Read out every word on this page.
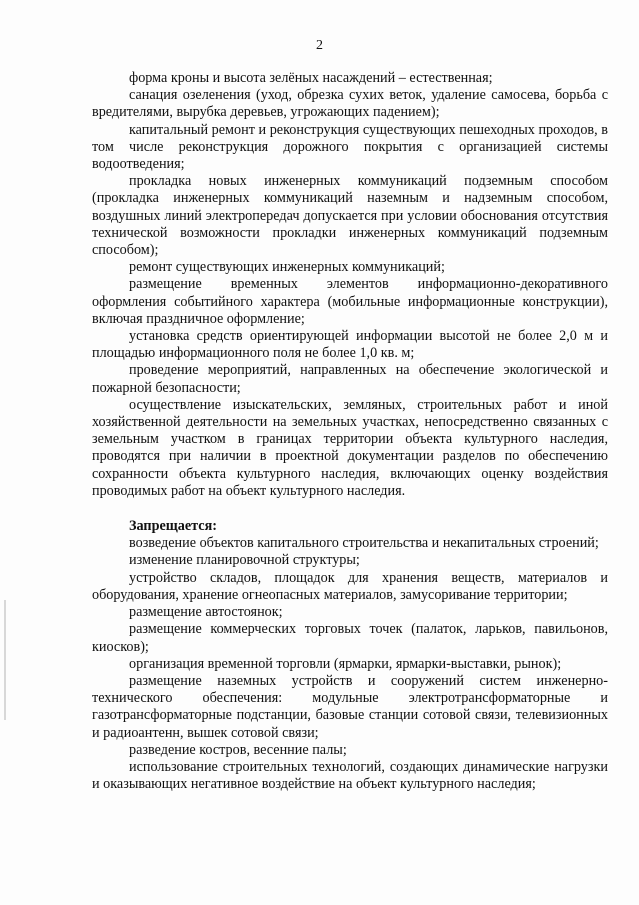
2

форма кроны и высота зелёных насаждений – естественная;

санация озеленения (уход, обрезка сухих веток, удаление самосева, борьба с вредителями, вырубка деревьев, угрожающих падением);

капитальный ремонт и реконструкция существующих пешеходных проходов, в том числе реконструкция дорожного покрытия с организацией системы водоотведения;

прокладка новых инженерных коммуникаций подземным способом (прокладка инженерных коммуникаций наземным и надземным способом, воздушных линий электропередач допускается при условии обоснования отсутствия технической возможности прокладки инженерных коммуникаций подземным способом);

ремонт существующих инженерных коммуникаций;

размещение временных элементов информационно-декоративного оформления событийного характера (мобильные информационные конструкции), включая праздничное оформление;

установка средств ориентирующей информации высотой не более 2,0 м и площадью информационного поля не более 1,0 кв. м;

проведение мероприятий, направленных на обеспечение экологической и пожарной безопасности;

осуществление изыскательских, земляных, строительных работ и иной хозяйственной деятельности на земельных участках, непосредственно связанных с земельным участком в границах территории объекта культурного наследия, проводятся при наличии в проектной документации разделов по обеспечению сохранности объекта культурного наследия, включающих оценку воздействия проводимых работ на объект культурного наследия.

Запрещается:

возведение объектов капитального строительства и некапитальных строений;

изменение планировочной структуры;

устройство складов, площадок для хранения веществ, материалов и оборудования, хранение огнеопасных материалов, замусоривание территории;

размещение автостоянок;

размещение коммерческих торговых точек (палаток, ларьков, павильонов, киосков);

организация временной торговли (ярмарки, ярмарки-выставки, рынок);

размещение наземных устройств и сооружений систем инженерно-технического обеспечения: модульные электротрансформаторные и газотрансформаторные подстанции, базовые станции сотовой связи, телевизионных и радиоантенн, вышек сотовой связи;

разведение костров, весенние палы;

использование строительных технологий, создающих динамические нагрузки и оказывающих негативное воздействие на объект культурного наследия;
